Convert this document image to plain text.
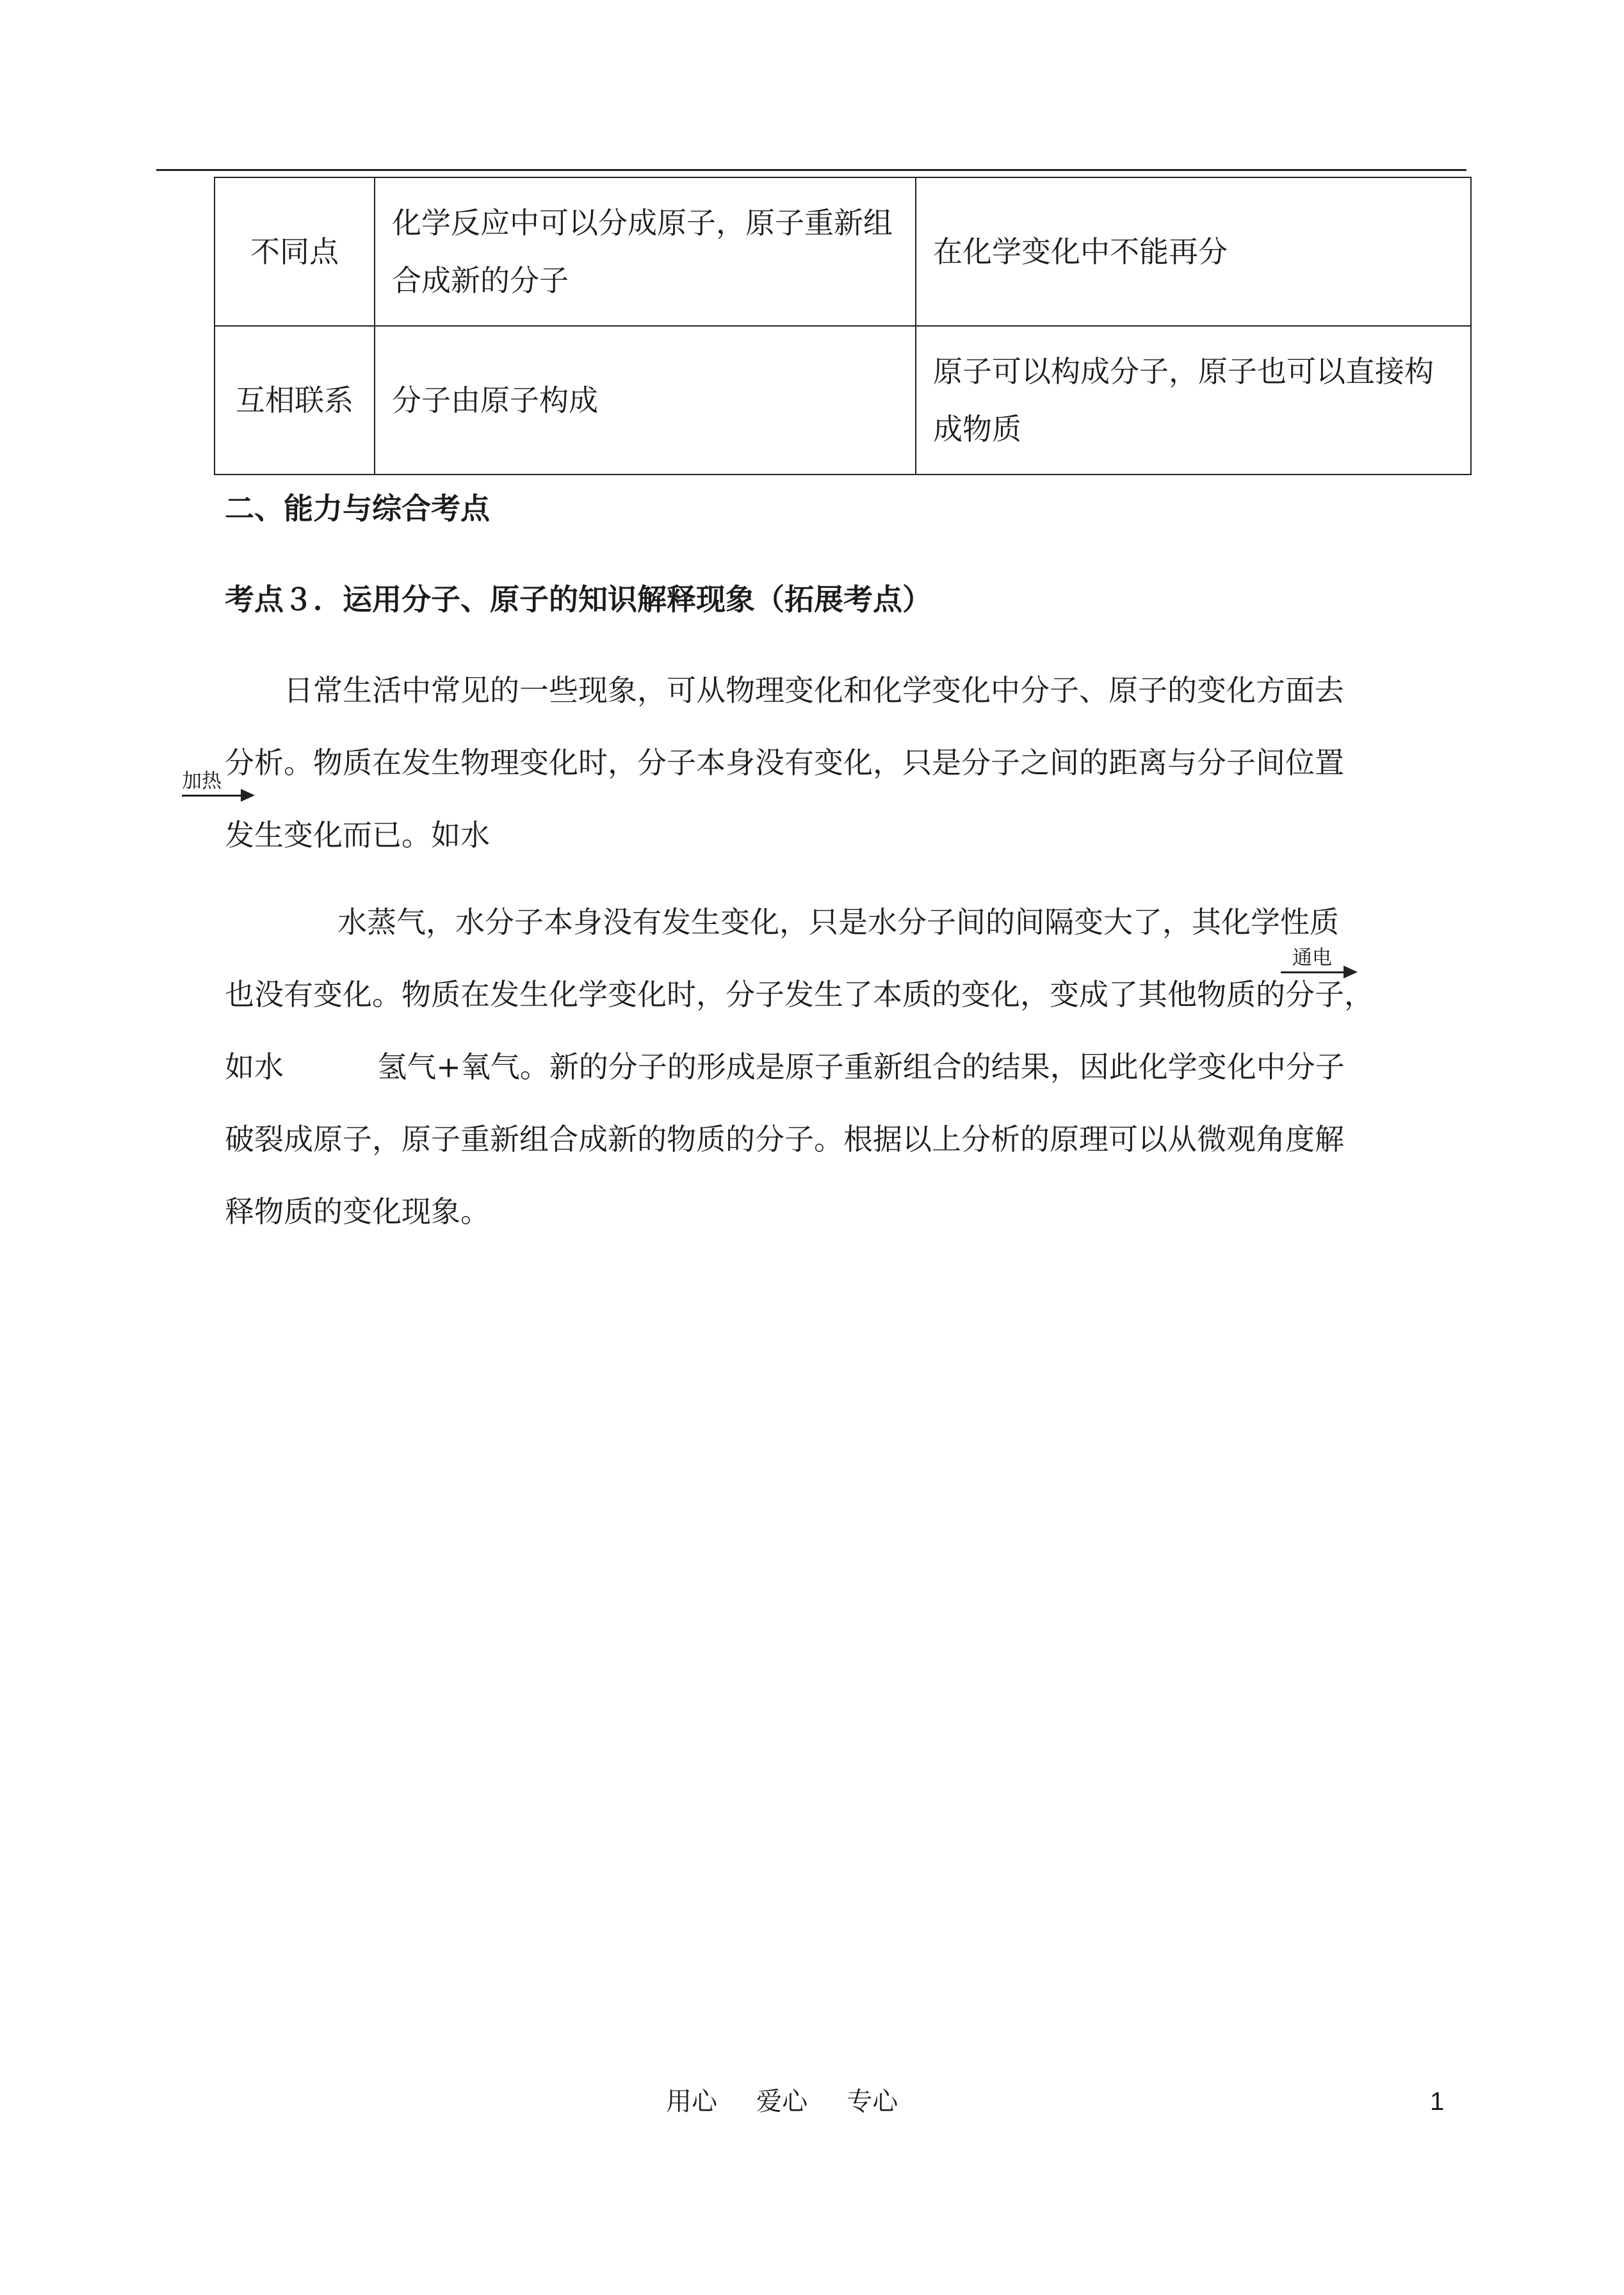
不同点	化学反应中可以分成原子，原子重新组合成新的分子	在化学变化中不能再分
互相联系	分子由原子构成	原子可以构成分子，原子也可以直接构成物质
二、能力与综合考点
考点３．运用分子、原子的知识解释现象（拓展考点）
日常生活中常见的一些现象，可从物理变化和化学变化中分子、原子的变化方面去
分析。物质在发生物理变化时，分子本身没有变化，只是分子之间的距离与分子间位置
发生变化而已。如水
加热
水蒸气，水分子本身没有发生变化，只是水分子间的间隔变大了，其化学性质
也没有变化。物质在发生化学变化时，分子发生了本质的变化，变成了其他物质的分子，
如水          氢气+氧气。新的分子的形成是原子重新组合的结果，因此化学变化中分子
破裂成原子，原子重新组合成新的物质的分子。根据以上分析的原理可以从微观角度解
释物质的变化现象。
通电
用心 爱心 专心	1
